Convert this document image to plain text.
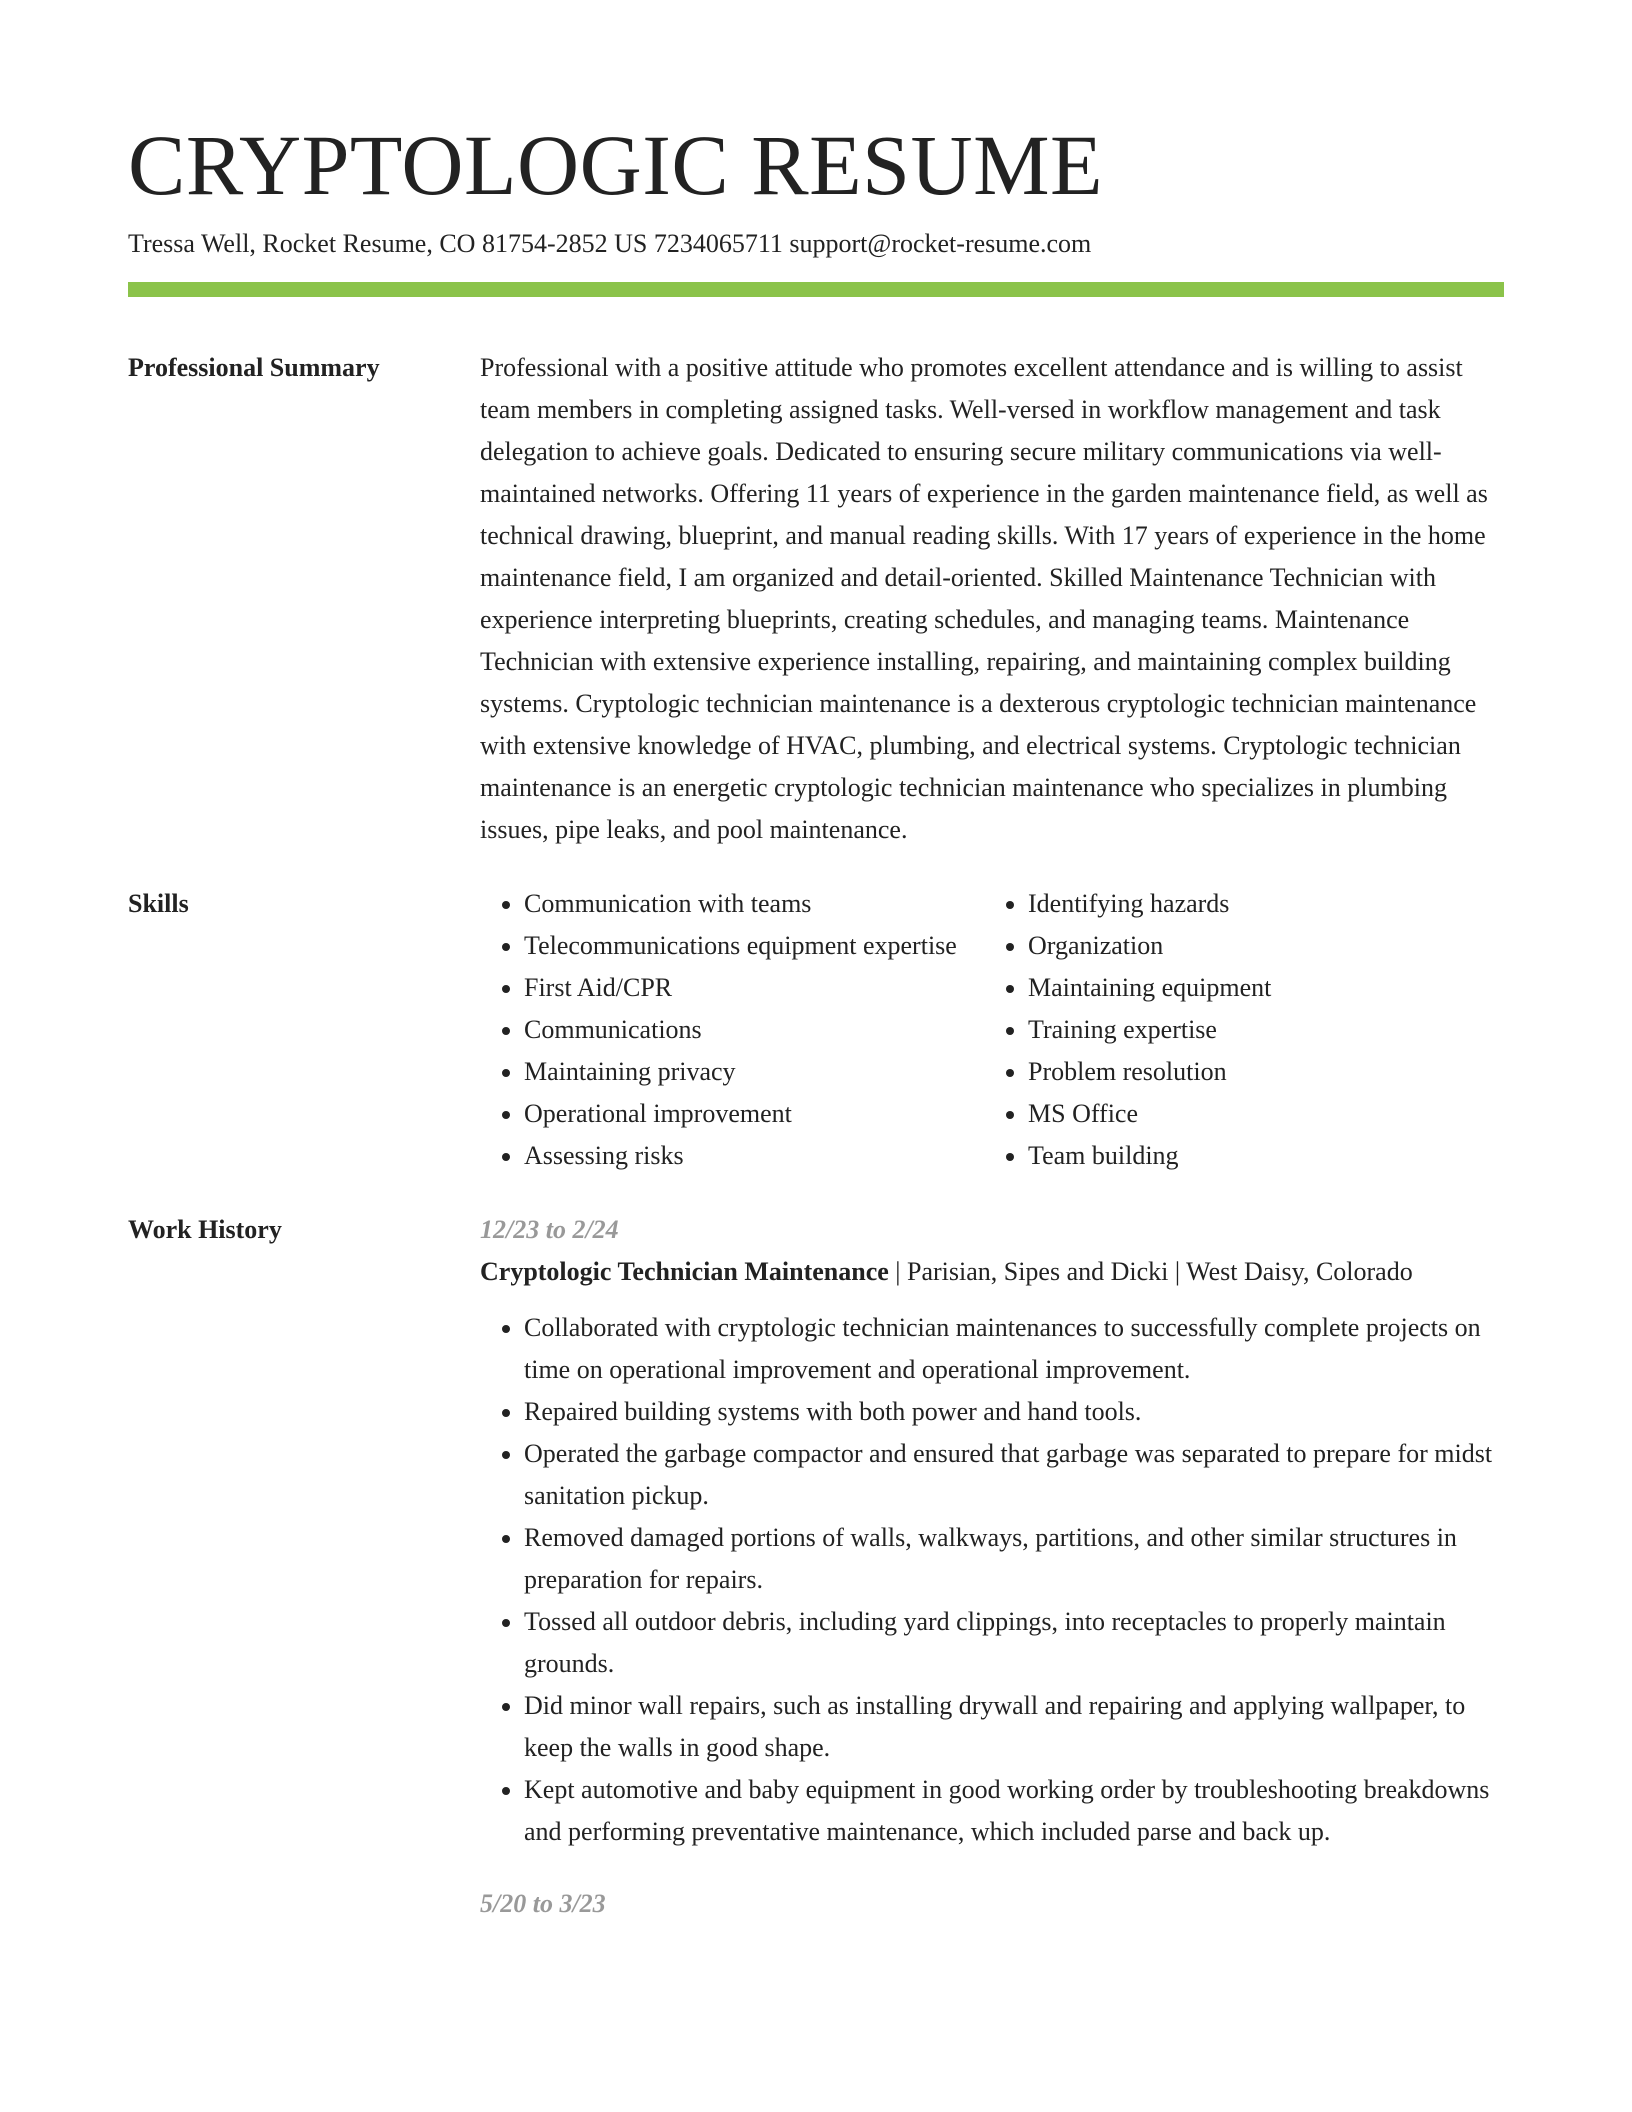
CRYPTOLOGIC RESUME
Tressa Well, Rocket Resume, CO 81754-2852 US 7234065711 support@rocket-resume.com
Professional Summary	Professional with a positive attitude who promotes excellent attendance and is willing to assist team members in completing assigned tasks. Well-versed in workflow management and task delegation to achieve goals. Dedicated to ensuring secure military communications via well-maintained networks. Offering 11 years of experience in the garden maintenance field, as well as technical drawing, blueprint, and manual reading skills. With 17 years of experience in the home maintenance field, I am organized and detail-oriented. Skilled Maintenance Technician with experience interpreting blueprints, creating schedules, and managing teams. Maintenance Technician with extensive experience installing, repairing, and maintaining complex building systems. Cryptologic technician maintenance is a dexterous cryptologic technician maintenance with extensive knowledge of HVAC, plumbing, and electrical systems. Cryptologic technician maintenance is an energetic cryptologic technician maintenance who specializes in plumbing issues, pipe leaks, and pool maintenance.

Skills
•	Communication with teams
• Telecommunications equipment expertise
• First Aid/CPR
• Communications
• Maintaining privacy
• Operational improvement
• Assessing risks
• Identifying hazards
• Organization
• Maintaining equipment
• Training expertise
• Problem resolution
• MS Office
• Team building
Work History	12/23 to 2/24
Cryptologic Technician Maintenance | Parisian, Sipes and Dicki | West Daisy, Colorado
• Collaborated with cryptologic technician maintenances to successfully complete projects on time on operational improvement and operational improvement.
• Repaired building systems with both power and hand tools.
• Operated the garbage compactor and ensured that garbage was separated to prepare for midst sanitation pickup.
• Removed damaged portions of walls, walkways, partitions, and other similar structures in preparation for repairs.
• Tossed all outdoor debris, including yard clippings, into receptacles to properly maintain grounds.
• Did minor wall repairs, such as installing drywall and repairing and applying wallpaper, to keep the walls in good shape.
• Kept automotive and baby equipment in good working order by troubleshooting breakdowns and performing preventative maintenance, which included parse and back up.
5/20 to 3/23
